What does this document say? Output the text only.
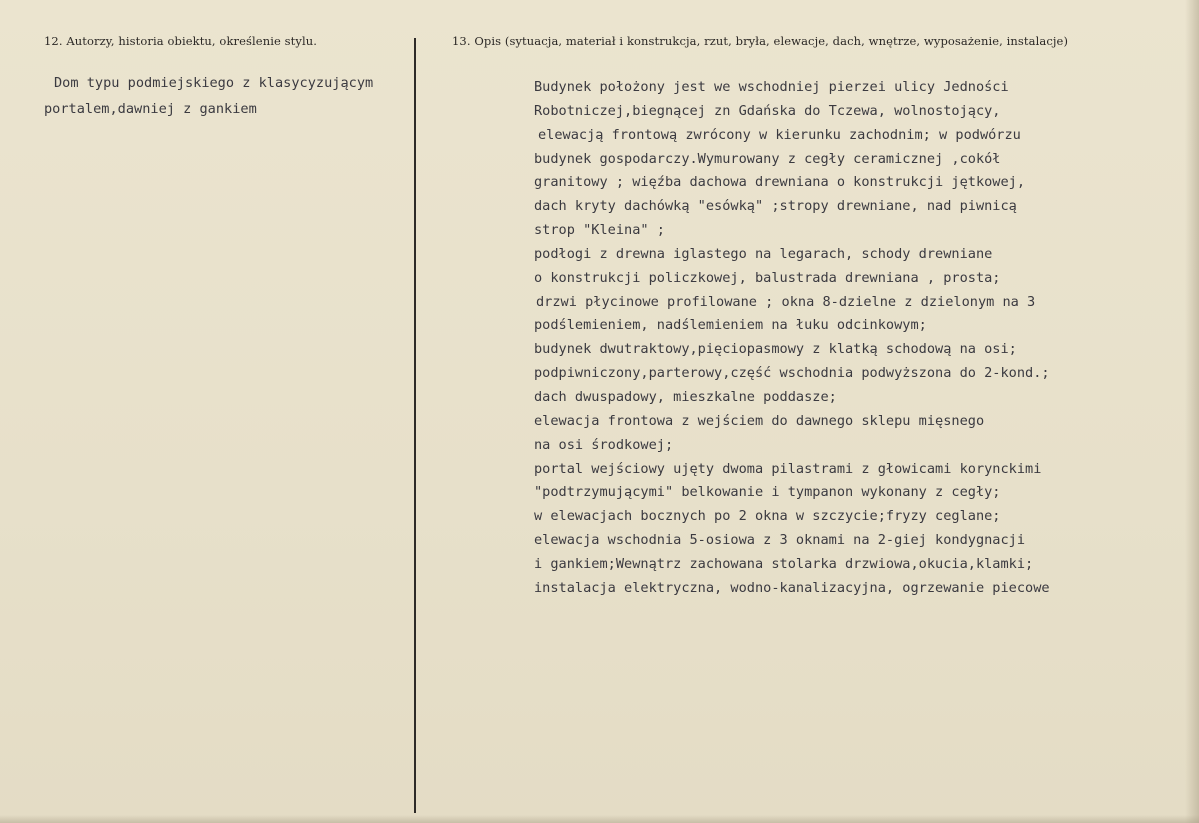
12. Autorzy, historia obiektu, określenie stylu.	13. Opis (sytuacja, materiał i konstrukcja, rzut, bryła, elewacje, dach, wnętrze, wyposażenie, instalacje)
Dom typu podmiejskiego z klasycyzującym
portalem,dawniej z gankiem
Budynek położony jest we wschodniej pierzei ulicy Jedności
Robotniczej,biegnącej zn Gdańska do Tczewa, wolnostojący,
elewacją frontową zwrócony w kierunku zachodnim; w podwórzu
budynek gospodarczy.Wymurowany z cegły ceramicznej ,cokół
granitowy ; więźba dachowa drewniana o konstrukcji jętkowej,
dach kryty dachówką "esówką" ;stropy drewniane, nad piwnicą
strop "Kleina" ;
podłogi z drewna iglastego na legarach, schody drewniane
o konstrukcji policzkowej, balustrada drewniana , prosta;
drzwi płycinowe profilowane ; okna 8-dzielne z dzielonym na 3
podślemieniem, nadślemieniem na łuku odcinkowym;
budynek dwutraktowy,pięciopasmowy z klatką schodową na osi;
podpiwniczony,parterowy,część wschodnia podwyższona do 2-kond.;
dach dwuspadowy, mieszkalne poddasze;
elewacja frontowa z wejściem do dawnego sklepu mięsnego
na osi środkowej;
portal wejściowy ujęty dwoma pilastrami z głowicami korynckimi
"podtrzymującymi" belkowanie i tympanon wykonany z cegły;
w elewacjach bocznych po 2 okna w szczycie;fryzy ceglane;
elewacja wschodnia 5-osiowa z 3 oknami na 2-giej kondygnacji
i gankiem;Wewnątrz zachowana stolarka drzwiowa,okucia,klamki;
instalacja elektryczna, wodno-kanalizacyjna, ogrzewanie piecowe
